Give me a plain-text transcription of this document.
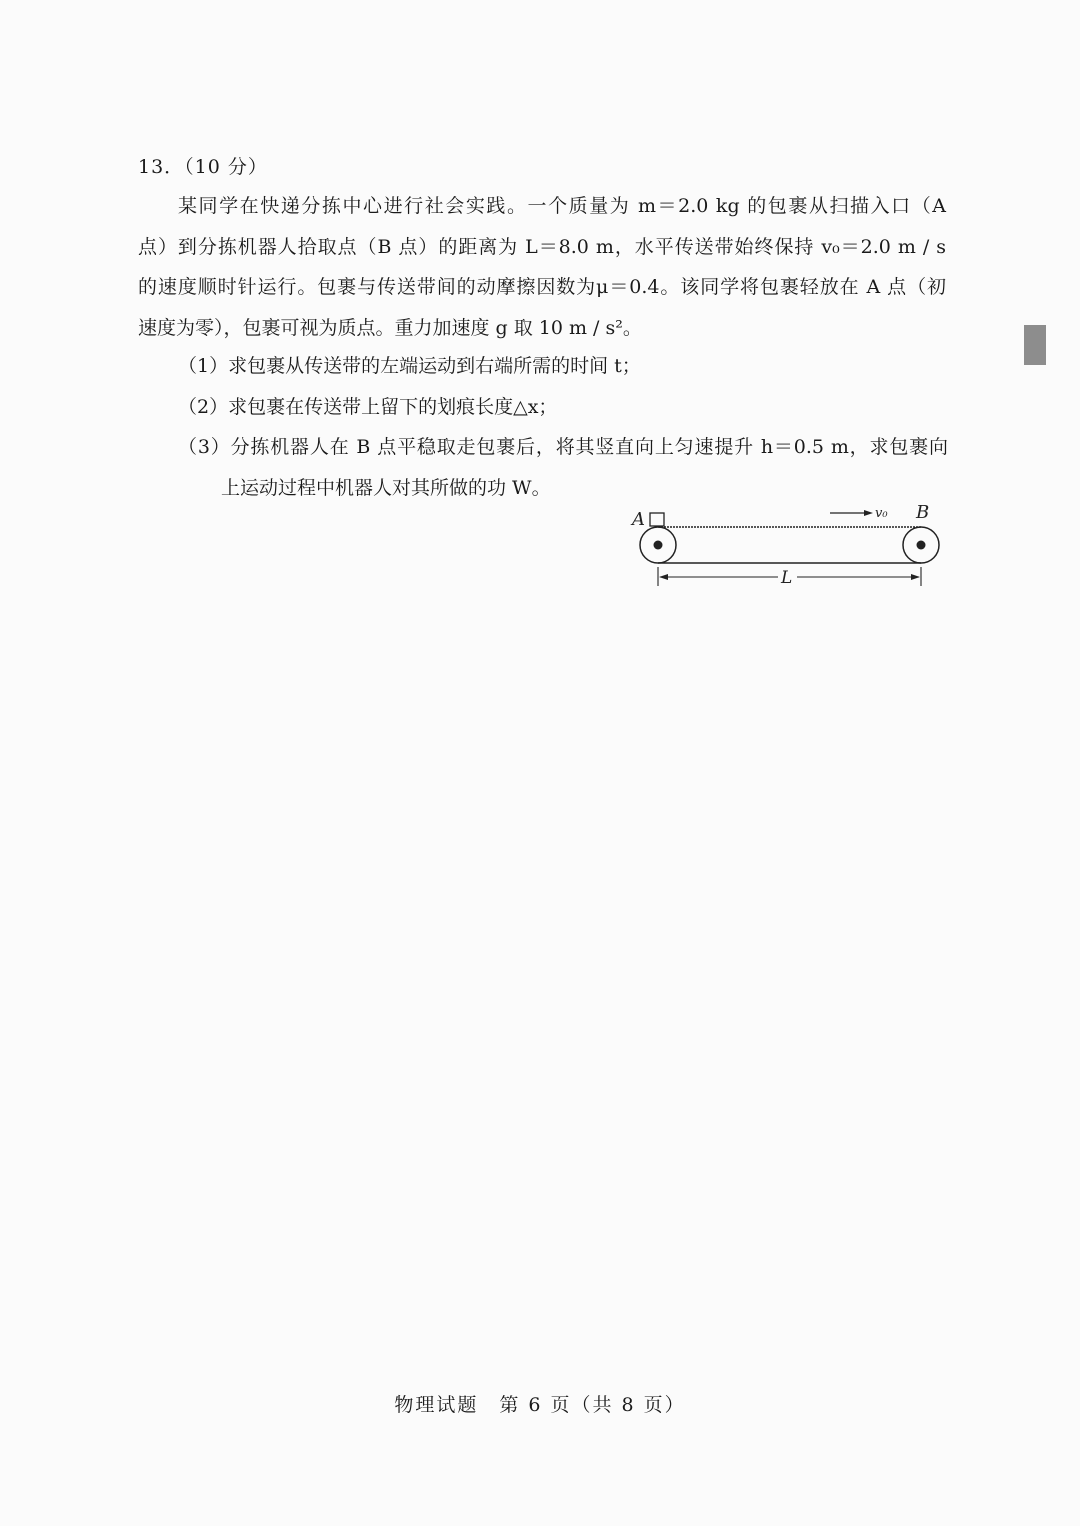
13．（10 分）
某同学在快递分拣中心进行社会实践。一个质量为 m＝2.0 kg 的包裹从扫描入口（A
点）到分拣机器人拾取点（B 点）的距离为 L＝8.0 m，水平传送带始终保持 v₀＝2.0 m / s
的速度顺时针运行。包裹与传送带间的动摩擦因数为μ＝0.4。该同学将包裹轻放在 A 点（初
速度为零），包裹可视为质点。重力加速度 g 取 10 m / s²。
（1）求包裹从传送带的左端运动到右端所需的时间 t；
（2）求包裹在传送带上留下的划痕长度△x；
（3）分拣机器人在 B 点平稳取走包裹后，将其竖直向上匀速提升 h＝0.5 m，求包裹向
上运动过程中机器人对其所做的功 W。
A	B
v₀
L
物理试题　第 6 页（共 8 页）
